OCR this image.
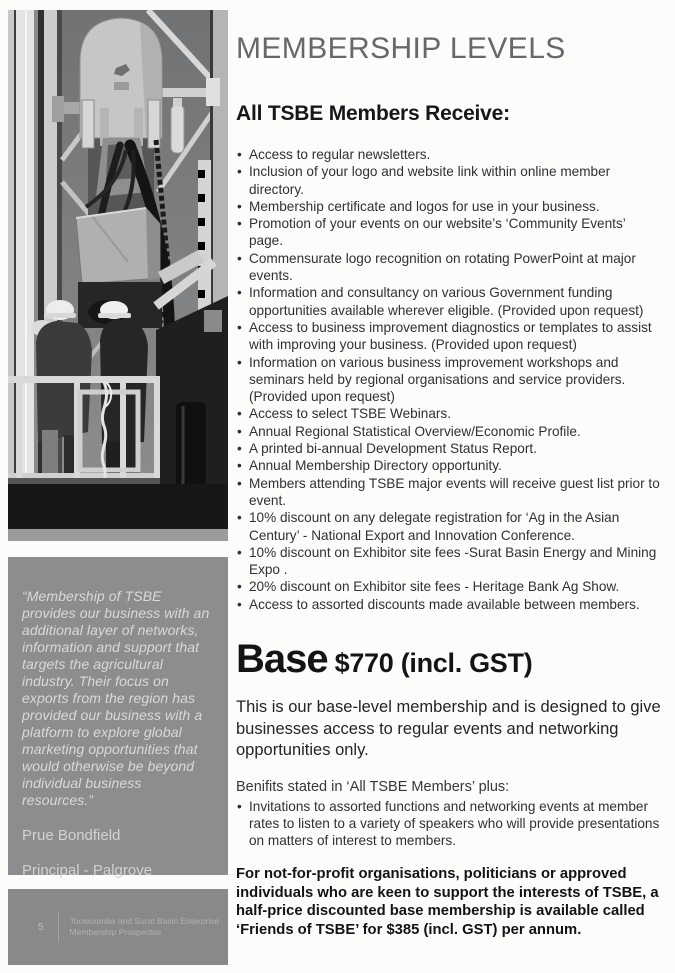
“Membership of TSBE provides our business with an additional layer of networks, information and support that targets the agricultural industry. Their focus on exports from the region has provided our business with a platform to explore global marketing opportunities that would otherwise be beyond individual business resources.”

Prue Bondfield

Principal - Palgrove

5
Toowoomba and Surat Basin Enterprise
Membership Prospectus
MEMBERSHIP LEVELS
All TSBE Members Receive:
• Access to regular newsletters.
• Inclusion of your logo and website link within online member directory.
• Membership certificate and logos for use in your business.
• Promotion of your events on our website’s ‘Community Events’ page.
• Commensurate logo recognition on rotating PowerPoint at major events.
• Information and consultancy on various Government funding opportunities available wherever eligible. (Provided upon request)
• Access to business improvement diagnostics or templates to assist with improving your business. (Provided upon request)
• Information on various business improvement workshops and seminars held by regional organisations and service providers. (Provided upon request)
• Access to select TSBE Webinars.
• Annual Regional Statistical Overview/Economic Profile.
• A printed bi-annual Development Status Report.
• Annual Membership Directory opportunity.
• Members attending TSBE major events will receive guest list prior to event.
• 10% discount on any delegate registration for ‘Ag in the Asian Century’ - National Export and Innovation Conference.
• 10% discount on Exhibitor site fees -Surat Basin Energy and Mining Expo .
• 20% discount on Exhibitor site fees - Heritage Bank Ag Show.
• Access to assorted discounts made available between members.
Base $770 (incl. GST)

This is our base-level membership and is designed to give businesses access to regular events and networking opportunities only.

Benifits stated in ‘All TSBE Members’ plus:

• Invitations to assorted functions and networking events at member rates to listen to a variety of speakers who will provide presentations on matters of interest to members.

For not-for-profit organisations, politicians or approved individuals who are keen to support the interests of TSBE, a half-price discounted base membership is available called ‘Friends of TSBE’ for $385 (incl. GST) per annum.
